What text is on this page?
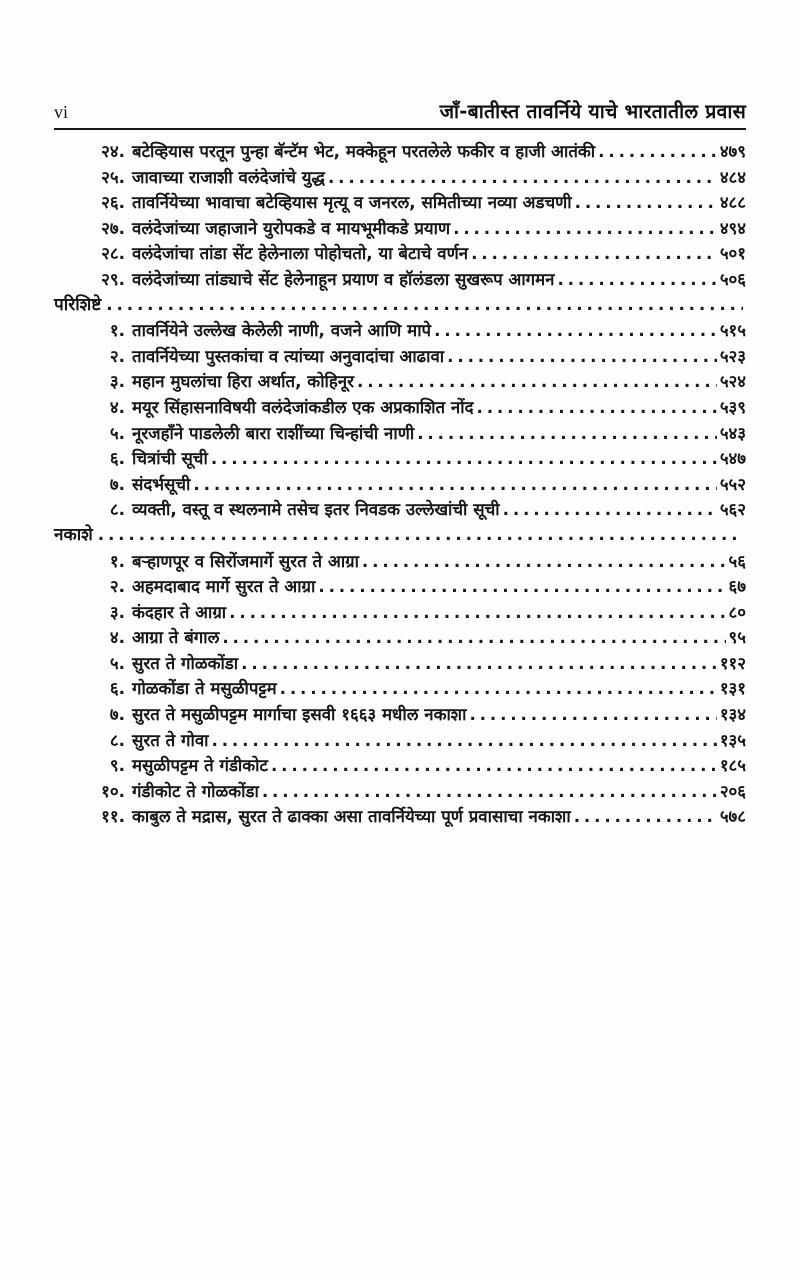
vi	जाँ-बातीस्त तावर्निये याचे भारतातील प्रवास
२४. बटेव्हियास परतून पुन्हा बॅन्टॅम भेट, मक्केहून परतलेले फकीर व हाजी आतंकी . . .	४७९
२५. जावाच्या राजाशी वलंदेजांचे युद्ध . . .	४८४
२६. तावर्नियेच्या भावाचा बटेव्हियास मृत्यू व जनरल, समितीच्या नव्या अडचणी . . .	४८८
२७. वलंदेजांच्या जहाजाने युरोपकडे व मायभूमीकडे प्रयाण . . .	४९४
२८. वलंदेजांचा तांडा सेंट हेलेनाला पोहोचतो, या बेटाचे वर्णन . . .	५०१
२९. वलंदेजांच्या तांड्याचे सेंट हेलेनाहून प्रयाण व हॉलंडला सुखरूप आगमन . . .	५०६
परिशिष्टे
. . .
१. तावर्नियेने उल्लेख केलेली नाणी, वजने आणि मापे . . .	५१५
२. तावर्नियेच्या पुस्तकांचा व त्यांच्या अनुवादांचा आढावा . . .	५२३
३. महान मुघलांचा हिरा अर्थात, कोहिनूर . . .	५२४
४. मयूर सिंहासनाविषयी वलंदेजांकडील एक अप्रकाशित नोंद . . .	५३९
५. नूरजहाँने पाडलेली बारा राशींच्या चिन्हांची नाणी . . .	५४३
६. चित्रांची सूची . . .	५४७
७. संदर्भसूची . . .	५५२
८. व्यक्ती, वस्तू व स्थलनामे तसेच इतर निवडक उल्लेखांची सूची . . .	५६२
नकाशे
. . .
१. बऱ्हाणपूर व सिरोंजमार्गे सुरत ते आग्रा . . .	५६
२. अहमदाबाद मार्गे सुरत ते आग्रा . . .	६७
३. कंदहार ते आग्रा . . .	८०
४. आग्रा ते बंगाल . . .	९५
५. सुरत ते गोळकोंडा . . .	११२
६. गोळकोंडा ते मसुळीपट्टम . . .	१३१
७. सुरत ते मसुळीपट्टम मार्गाचा इसवी १६६३ मधील नकाशा . . .	१३४
८. सुरत ते गोवा . . .	१३५
९. मसुळीपट्टम ते गंडीकोट . . .	१८५
१०. गंडीकोट ते गोळकोंडा . . .	२०६
११. काबुल ते मद्रास, सुरत ते ढाक्का असा तावर्नियेच्या पूर्ण प्रवासाचा नकाशा . . .	५७८
